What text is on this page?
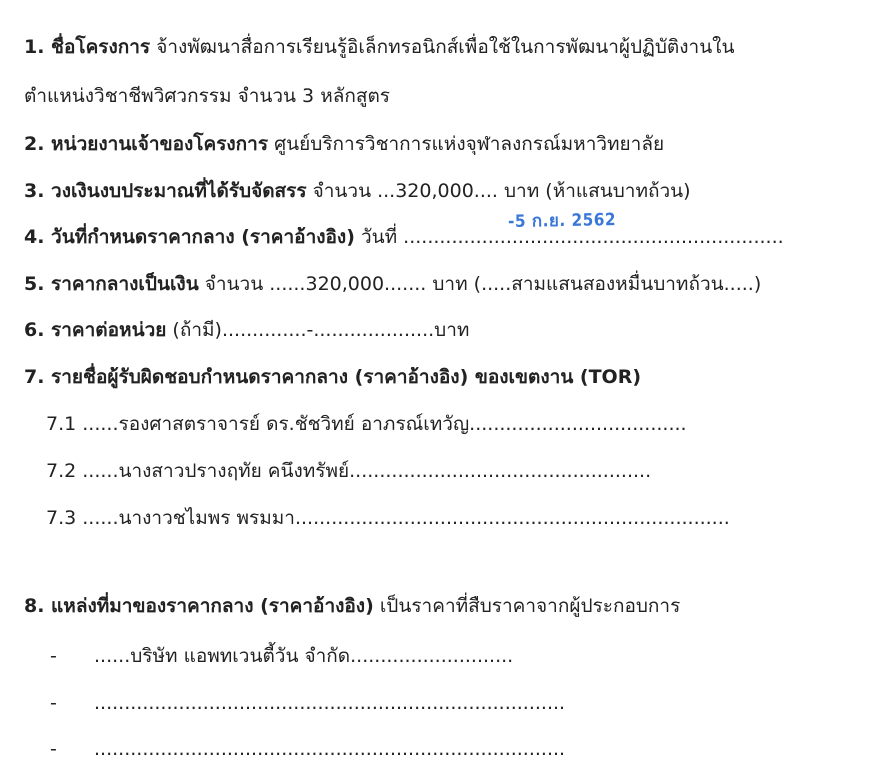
1. ชื่อโครงการ จ้างพัฒนาสื่อการเรียนรู้อิเล็กทรอนิกส์เพื่อใช้ในการพัฒนาผู้ปฏิบัติงานใน
ตำแหน่งวิชาชีพวิศวกรรม จำนวน 3 หลักสูตร
2. หน่วยงานเจ้าของโครงการ ศูนย์บริการวิชาการแห่งจุฬาลงกรณ์มหาวิทยาลัย
3. วงเงินงบประมาณที่ได้รับจัดสรร จำนวน ...320,000.... บาท (ห้าแสนบาทถ้วน)
4. วันที่กำหนดราคากลาง (ราคาอ้างอิง) วันที่ ...............................................................
-5 ก.ย. 2562
5. ราคากลางเป็นเงิน จำนวน ......320,000....... บาท (.....สามแสนสองหมื่นบาทถ้วน.....)
6. ราคาต่อหน่วย (ถ้ามี)..............-....................บาท
7. รายชื่อผู้รับผิดชอบกำหนดราคากลาง (ราคาอ้างอิง) ของเขตงาน (TOR)
7.1 ......รองศาสตราจารย์ ดร.ชัชวิทย์ อาภรณ์เทวัญ....................................
7.2 ......นางสาวปรางฤทัย คนึงทรัพย์..................................................
7.3 ......นางาวชไมพร พรมมา........................................................................
8. แหล่งที่มาของราคากลาง (ราคาอ้างอิง) เป็นราคาที่สืบราคาจากผู้ประกอบการ
- ......บริษัท แอพทเวนตี้วัน จำกัด...........................
- ..............................................................................
- ..............................................................................
